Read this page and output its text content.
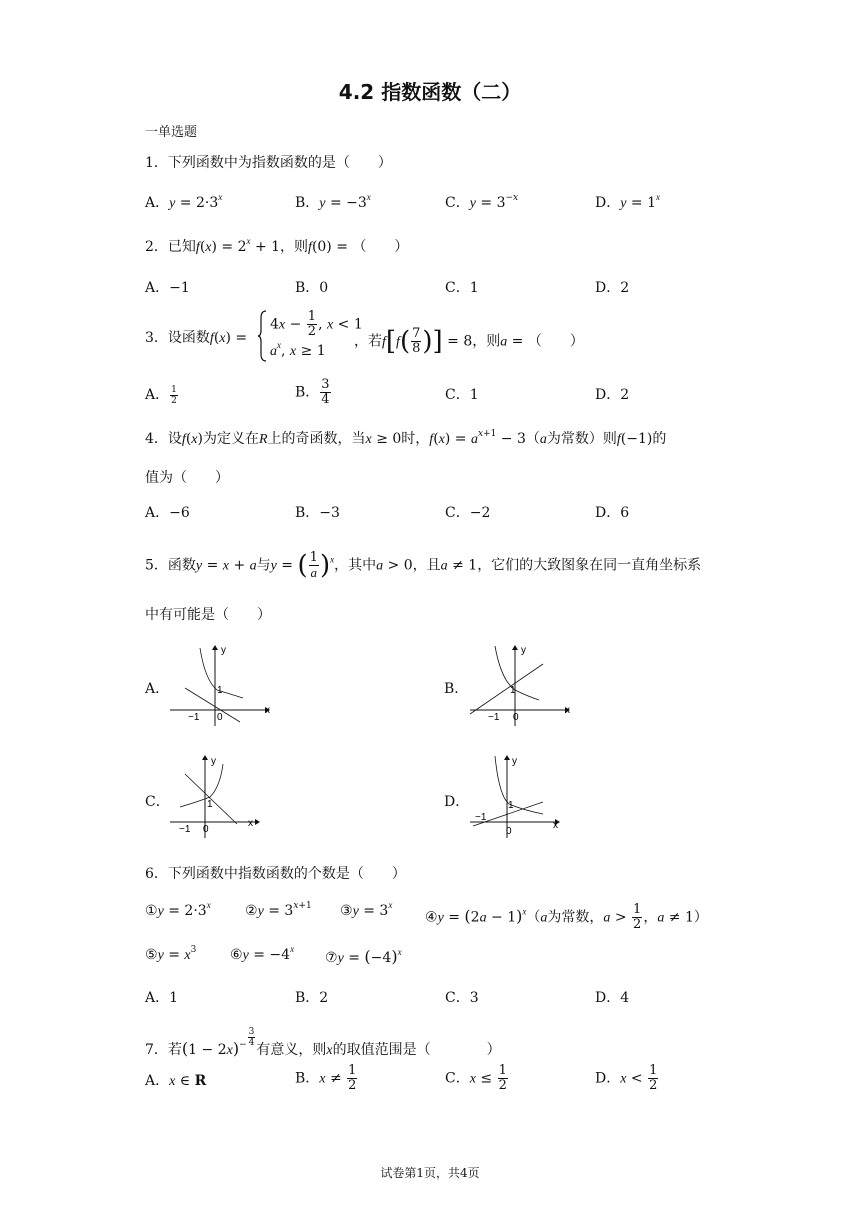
4.2 指数函数（二）
一单选题
1．下列函数中为指数函数的是（　　）
A．$y = 2\cdot 3^x$	B．$y = -3^x$	C．$y = 3^{-x}$	D．$y = 1^x$
2．已知$f(x) = 2^x + 1$，则f(0) = （　　）
A．−1	B．0	C．1	D．2
3．设函数f(x) =
$4x - \frac{1}{2}$ , x < 1
$a^x$, x ≥ 1
，若$f[f( \frac{7}{8}$ )] = 8，则a = （　　）
A． $\frac{1}{2}$	B． $\frac{3}{4}$	C．1	D．2
4．设f(x)为定义在R上的奇函数，当x ≥ 0时，$f(x) = a^{x+1} - 3(a$为常数）则f(−1)的
值为（　　）
A．−6	B．−3	C．−2	D．6
5．函数y = x + a与y = ( $\frac{1}{a} )^x$，其中a > 0，且a ≠ 1，它们的大致图象在同一直角坐标系
中有可能是（　　）
A．	B．
C．	D．
y
x
1
0
−1
y
x
1
0
−1
y
x
1
0
−1
y
x
1
0
−1
6．下列函数中指数函数的个数是（　　）
①y = $2\cdot 3^x$ ②y = $3^{x+1}$ ③y = $3^x$
④y = $(2a - 1)^x(a$为常数，$a > \frac{1}{2}$ ，a ≠ 1）
⑤y = $x^3$ ⑥y = $-4^x$
⑦y = $(-4)^x$
A．1	B．2	C．3	D．4
7．若$(1 - 2x)^{- \frac{3}{4}}$
有意义，则x的取值范围是（　　　　）
A．x ∈ R	B．$x \ne \frac{1}{2}$	C．$x \le \frac{1}{2}$	D．$x < \frac{1}{2}$
试卷第1页，共4页
